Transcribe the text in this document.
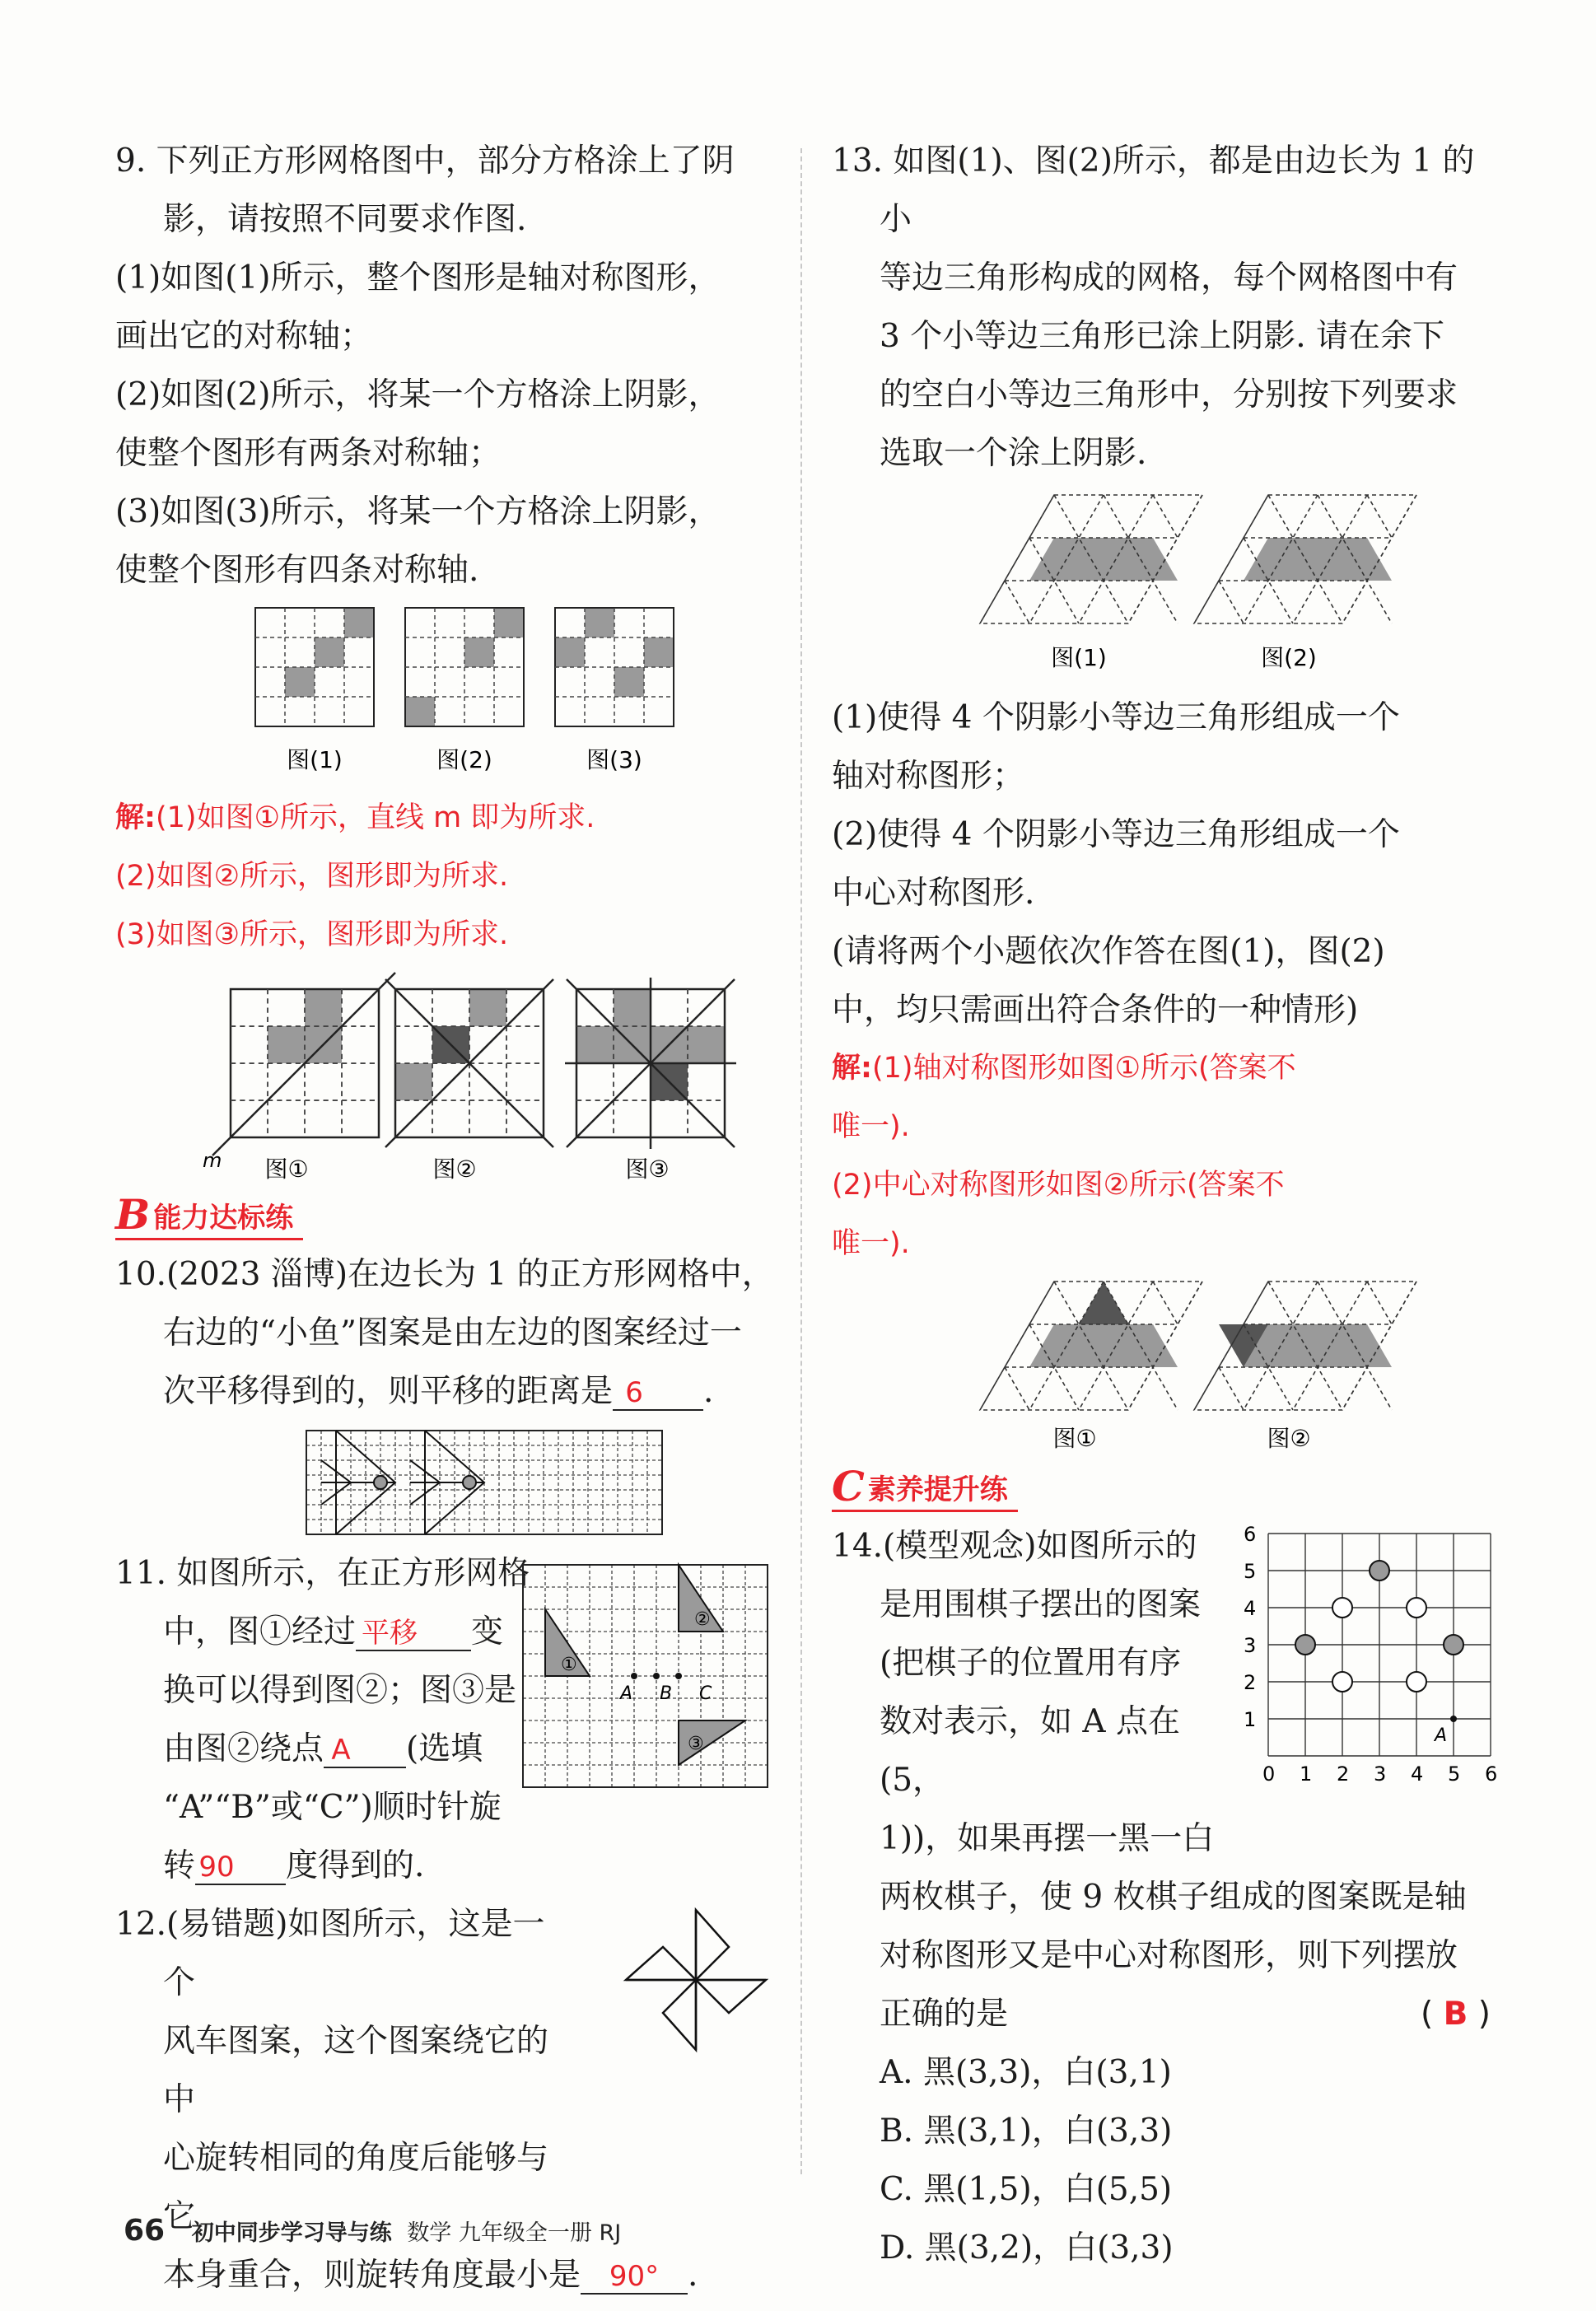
9. 下列正方形网格图中，部分方格涂上了阴
影，请按照不同要求作图.

(1)如图(1)所示，整个图形是轴对称图形，
画出它的对称轴；

(2)如图(2)所示，将某一个方格涂上阴影，
使整个图形有两条对称轴；

(3)如图(3)所示，将某一个方格涂上阴影，
使整个图形有四条对称轴.

图(1)	图(2)	图(3)

解:(1)如图①所示，直线 m 即为所求.

(2)如图②所示，图形即为所求.

(3)如图③所示，图形即为所求.

m 图①	图②	图③
B 能力达标练

10.(2023 淄博)在边长为 1 的正方形网格中，
右边的“小鱼”图案是由左边的图案经过一
次平移得到的，则平移的距离是 6 .

11. 如图所示，在正方形网格
中，图①经过 平移 变
换可以得到图②；图③是
由图②绕点 A (选填
“A”“B”或“C”)顺时针旋
转 90 度得到的.

①
②
③
A B C

12.(易错题)如图所示，这是一个
风车图案，这个图案绕它的中
心旋转相同的角度后能够与它

本身重合，则旋转角度最小是 90° .

13. 如图(1)、图(2)所示，都是由边长为 1 的小
等边三角形构成的网格，每个网格图中有
3 个小等边三角形已涂上阴影. 请在余下
的空白小等边三角形中，分别按下列要求
选取一个涂上阴影.

图(1)	图(2)

(1)使得 4 个阴影小等边三角形组成一个
轴对称图形；

(2)使得 4 个阴影小等边三角形组成一个
中心对称图形.

(请将两个小题依次作答在图(1)，图(2)
中，均只需画出符合条件的一种情形)

解:(1)轴对称图形如图①所示(答案不
唯一).

(2)中心对称图形如图②所示(答案不
唯一).

图①	图②
C 素养提升练

14.(模型观念)如图所示的
是用围棋子摆出的图案
(把棋子的位置用有序
数对表示，如 A 点在(5，
1))，如果再摆一黑一白

两枚棋子，使 9 枚棋子组成的图案既是轴
对称图形又是中心对称图形，则下列摆放
正确的是	( B )

A. 黑(3,3)，白(3,1)

B. 黑(3,1)，白(3,3)

C. 黑(1,5)，白(5,5)

D. 黑(3,2)，白(3,3)

A
0 1 2 3 4 5 6
1
2
3
4
5
6
66 初中同步学习导与练 数学 九年级全一册 RJ
